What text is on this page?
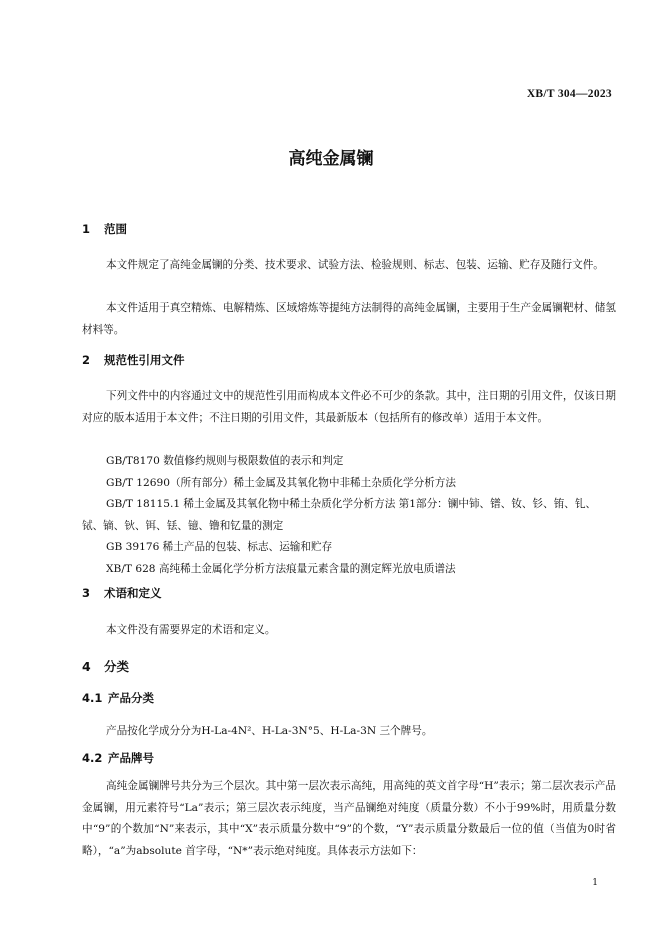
XB/T 304—2023
高纯金属镧
1 范围

本文件规定了高纯金属镧的分类、技术要求、试验方法、检验规则、标志、包装、运输、贮存及随行文件。

本文件适用于真空精炼、电解精炼、区域熔炼等提纯方法制得的高纯金属镧，主要用于生产金属镧靶材、储氢材料等。

2 规范性引用文件

下列文件中的内容通过文中的规范性引用而构成本文件必不可少的条款。其中，注日期的引用文件，仅该日期对应的版本适用于本文件；不注日期的引用文件，其最新版本（包括所有的修改单）适用于本文件。

GB/T8170 数值修约规则与极限数值的表示和判定
GB/T 12690（所有部分）稀土金属及其氧化物中非稀土杂质化学分析方法
GB/T 18115.1 稀土金属及其氧化物中稀土杂质化学分析方法 第1部分：镧中铈、镨、钕、钐、铕、钆、铽、镝、钬、铒、铥、镱、镥和钇量的测定
GB 39176 稀土产品的包装、标志、运输和贮存
XB/T 628 高纯稀土金属化学分析方法痕量元素含量的测定辉光放电质谱法
3 术语和定义

本文件没有需要界定的术语和定义。

4 分类
4.1 产品分类

产品按化学成分分为H-La-4N²、H-La-3N°5、H-La-3N 三个牌号。

4.2 产品牌号

高纯金属镧牌号共分为三个层次。其中第一层次表示高纯，用高纯的英文首字母“H”表示；第二层次表示产品金属镧，用元素符号“La”表示；第三层次表示纯度，当产品镧绝对纯度（质量分数）不小于99%时，用质量分数中“9”的个数加“N”来表示，其中“X”表示质量分数中“9”的个数，“Y”表示质量分数最后一位的值（当值为0时省略），“a”为absolute 首字母，“N*”表示绝对纯度。具体表示方法如下：

1
